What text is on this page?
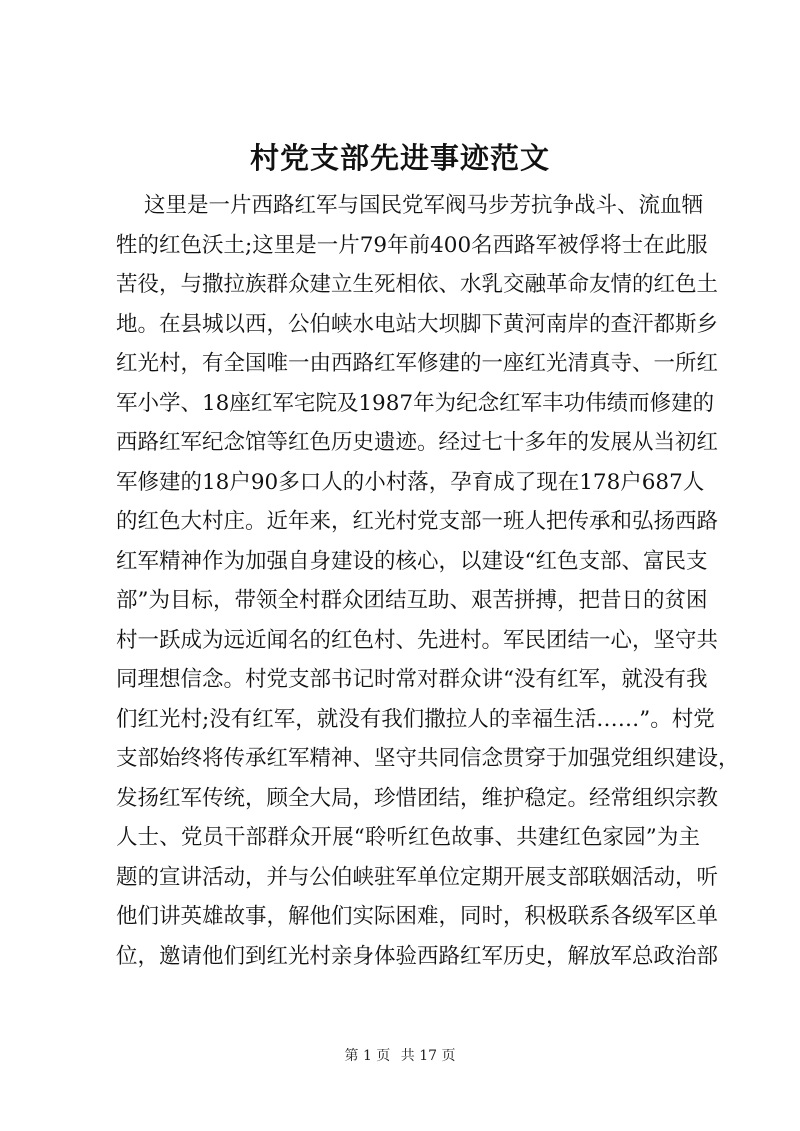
村党支部先进事迹范文
这里是一片西路红军与国民党军阀马步芳抗争战斗、流血牺
牲的红色沃土;这里是一片79年前400名西路军被俘将士在此服
苦役，与撒拉族群众建立生死相依、水乳交融革命友情的红色土
地。在县城以西，公伯峡水电站大坝脚下黄河南岸的查汗都斯乡
红光村，有全国唯一由西路红军修建的一座红光清真寺、一所红
军小学、18座红军宅院及1987年为纪念红军丰功伟绩而修建的
西路红军纪念馆等红色历史遗迹。经过七十多年的发展从当初红
军修建的18户90多口人的小村落，孕育成了现在178户687人
的红色大村庄。近年来，红光村党支部一班人把传承和弘扬西路
红军精神作为加强自身建设的核心，以建设“红色支部、富民支
部”为目标，带领全村群众团结互助、艰苦拼搏，把昔日的贫困
村一跃成为远近闻名的红色村、先进村。军民团结一心，坚守共
同理想信念。村党支部书记时常对群众讲“没有红军，就没有我
们红光村;没有红军，就没有我们撒拉人的幸福生活……”。村党
支部始终将传承红军精神、坚守共同信念贯穿于加强党组织建设，
发扬红军传统，顾全大局，珍惜团结，维护稳定。经常组织宗教
人士、党员干部群众开展“聆听红色故事、共建红色家园”为主
题的宣讲活动，并与公伯峡驻军单位定期开展支部联姻活动，听
他们讲英雄故事，解他们实际困难，同时，积极联系各级军区单
位，邀请他们到红光村亲身体验西路红军历史，解放军总政治部
第 1 页 共 17 页
